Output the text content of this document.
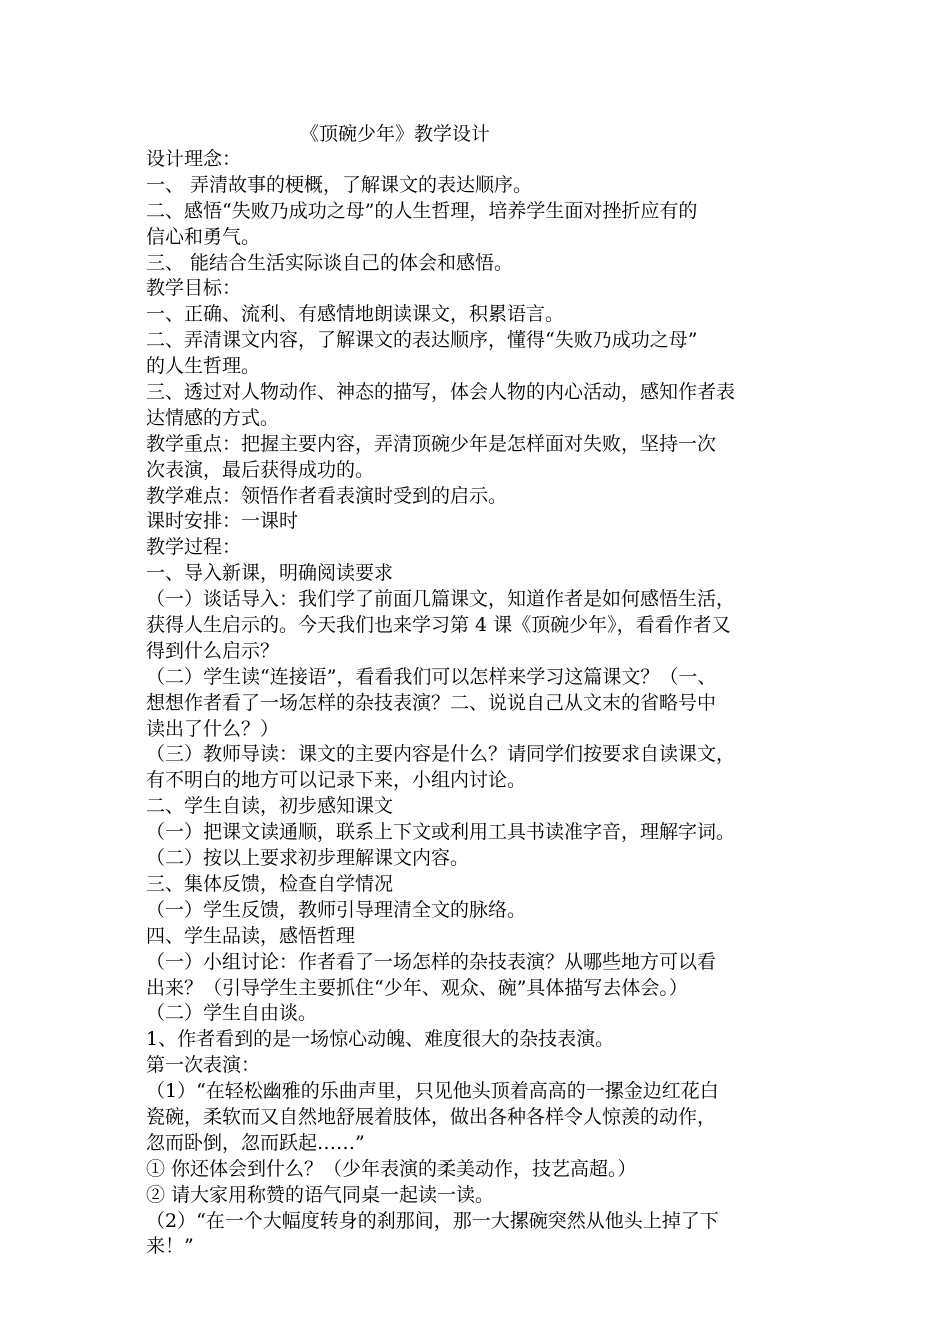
《顶碗少年》教学设计
设计理念：
一、 弄清故事的梗概，了解课文的表达顺序。
二、感悟“失败乃成功之母”的人生哲理，培养学生面对挫折应有的
信心和勇气。
三、 能结合生活实际谈自己的体会和感悟。
教学目标：
一、正确、流利、有感情地朗读课文，积累语言。
二、弄清课文内容，了解课文的表达顺序，懂得“失败乃成功之母”
的人生哲理。
三、透过对人物动作、神态的描写，体会人物的内心活动，感知作者表
达情感的方式。
教学重点：把握主要内容，弄清顶碗少年是怎样面对失败，坚持一次
次表演，最后获得成功的。
教学难点：领悟作者看表演时受到的启示。
课时安排：一课时
教学过程：
一、导入新课，明确阅读要求
（一）谈话导入：我们学了前面几篇课文，知道作者是如何感悟生活，
获得人生启示的。今天我们也来学习第 4 课《顶碗少年》，看看作者又
得到什么启示？
（二）学生读“连接语”，看看我们可以怎样来学习这篇课文？（一、
想想作者看了一场怎样的杂技表演？二、说说自己从文末的省略号中
读出了什么？）
（三）教师导读：课文的主要内容是什么？请同学们按要求自读课文，
有不明白的地方可以记录下来，小组内讨论。
二、学生自读，初步感知课文
（一）把课文读通顺，联系上下文或利用工具书读准字音，理解字词。
（二）按以上要求初步理解课文内容。
三、集体反馈，检查自学情况
（一）学生反馈，教师引导理清全文的脉络。
四、学生品读，感悟哲理
（一）小组讨论：作者看了一场怎样的杂技表演？从哪些地方可以看
出来？（引导学生主要抓住“少年、观众、碗”具体描写去体会。）
（二）学生自由谈。
1、作者看到的是一场惊心动魄、难度很大的杂技表演。
第一次表演：
（1）“在轻松幽雅的乐曲声里，只见他头顶着高高的一摞金边红花白
瓷碗，柔软而又自然地舒展着肢体，做出各种各样令人惊羡的动作，
忽而卧倒，忽而跃起……”
① 你还体会到什么？（少年表演的柔美动作，技艺高超。）
② 请大家用称赞的语气同桌一起读一读。
（2）“在一个大幅度转身的刹那间，那一大摞碗突然从他头上掉了下
来！”
